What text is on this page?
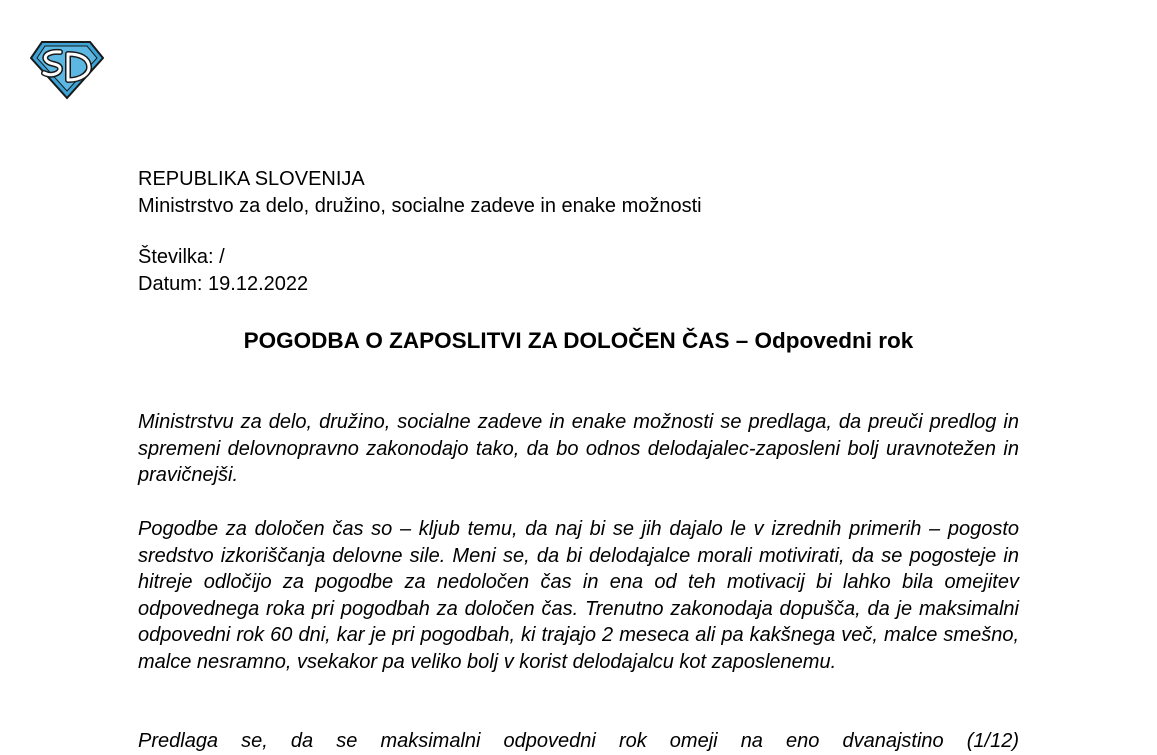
REPUBLIKA SLOVENIJA
Ministrstvo za delo, družino, socialne zadeve in enake možnosti
Številka: /
Datum: 19.12.2022
POGODBA O ZAPOSLITVI ZA DOLOČEN ČAS – Odpovedni rok

Ministrstvu za delo, družino, socialne zadeve in enake možnosti se predlaga, da preuči predlog in spremeni delovnopravno zakonodajo tako, da bo odnos delodajalec-zaposleni bolj uravnotežen in pravičnejši.

Pogodbe za določen čas so – kljub temu, da naj bi se jih dajalo le v izrednih primerih – pogosto sredstvo izkoriščanja delovne sile. Meni se, da bi delodajalce morali motivirati, da se pogosteje in hitreje odločijo za pogodbe za nedoločen čas in ena od teh motivacij bi lahko bila omejitev odpovednega roka pri pogodbah za določen čas. Trenutno zakonodaja dopušča, da je maksimalni odpovedni rok 60 dni, kar je pri pogodbah, ki trajajo 2 meseca ali pa kakšnega več, malce smešno, malce nesramno, vsekakor pa veliko bolj v korist delodajalcu kot zaposlenemu.

Predlaga se, da se maksimalni odpovedni rok omeji na eno dvanajstino (1/12)
